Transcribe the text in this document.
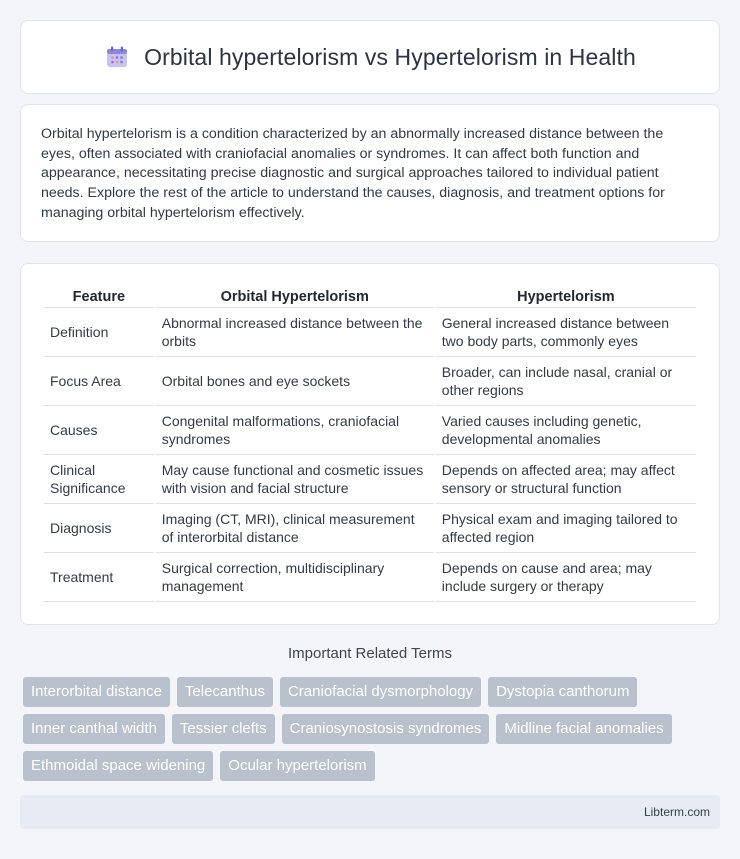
Orbital hypertelorism vs Hypertelorism in Health

Orbital hypertelorism is a condition characterized by an abnormally increased distance between the eyes, often associated with craniofacial anomalies or syndromes. It can affect both function and appearance, necessitating precise diagnostic and surgical approaches tailored to individual patient needs. Explore the rest of the article to understand the causes, diagnosis, and treatment options for managing orbital hypertelorism effectively.

Feature	Orbital Hypertelorism	Hypertelorism
Definition	Abnormal increased distance between the orbits	General increased distance between two body parts, commonly eyes
Focus Area	Orbital bones and eye sockets	Broader, can include nasal, cranial or other regions
Causes	Congenital malformations, craniofacial syndromes	Varied causes including genetic, developmental anomalies
Clinical Significance	May cause functional and cosmetic issues with vision and facial structure	Depends on affected area; may affect sensory or structural function
Diagnosis	Imaging (CT, MRI), clinical measurement of interorbital distance	Physical exam and imaging tailored to affected region
Treatment	Surgical correction, multidisciplinary management	Depends on cause and area; may include surgery or therapy
Important Related Terms
Interorbital distance	Telecanthus	Craniofacial dysmorphology	Dystopia canthorum
Inner canthal width	Tessier clefts	Craniosynostosis syndromes	Midline facial anomalies
Ethmoidal space widening	Ocular hypertelorism
Libterm.com
